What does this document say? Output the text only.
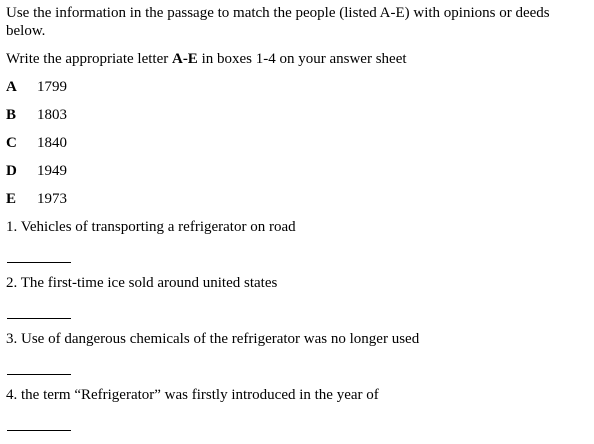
Use the information in the passage to match the people (listed A-E) with opinions or deeds below.
Write the appropriate letter A-E in boxes 1-4 on your answer sheet
A 1799
B 1803
C 1840
D 1949
E 1973
1. Vehicles of transporting a refrigerator on road
2. The first-time ice sold around united states
3. Use of dangerous chemicals of the refrigerator was no longer used
4. the term “Refrigerator” was firstly introduced in the year of
